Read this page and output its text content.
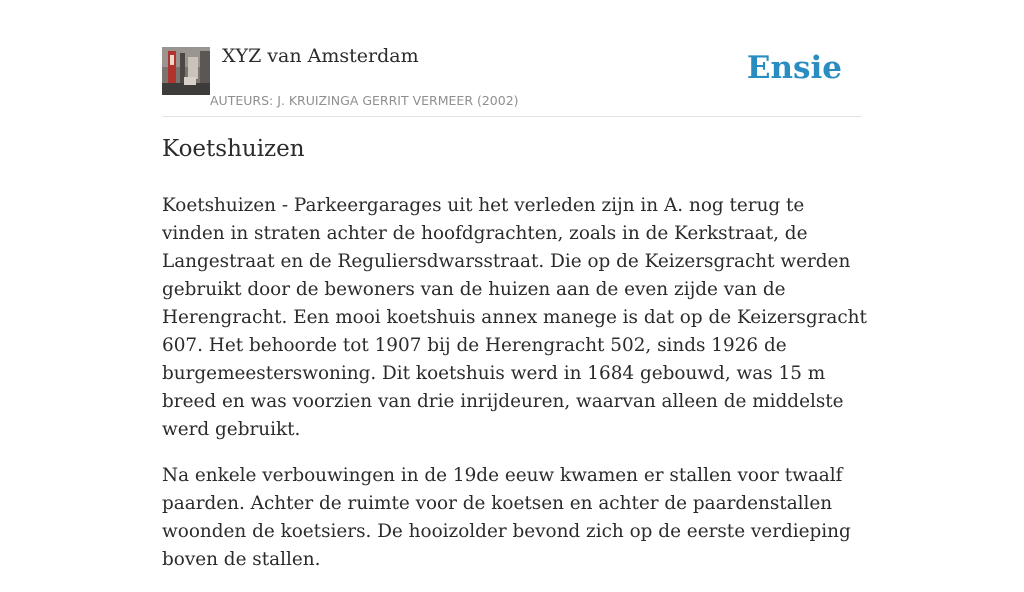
XYZ van Amsterdam
AUTEURS: J. KRUIZINGA GERRIT VERMEER (2002)
Ensie
Koetshuizen

Koetshuizen - Parkeergarages uit het verleden zijn in A. nog terug te vinden in straten achter de hoofdgrachten, zoals in de Kerkstraat, de Langestraat en de Reguliersdwarsstraat. Die op de Keizersgracht werden gebruikt door de bewoners van de huizen aan de even zijde van de Herengracht. Een mooi koetshuis annex manege is dat op de Keizersgracht 607. Het behoorde tot 1907 bij de Herengracht 502, sinds 1926 de burgemeesterswoning. Dit koetshuis werd in 1684 gebouwd, was 15 m breed en was voorzien van drie inrijdeuren, waarvan alleen de middelste werd gebruikt.

Na enkele verbouwingen in de 19de eeuw kwamen er stallen voor twaalf paarden. Achter de ruimte voor de koetsen en achter de paardenstallen woonden de koetsiers. De hooizolder bevond zich op de eerste verdieping boven de stallen.
